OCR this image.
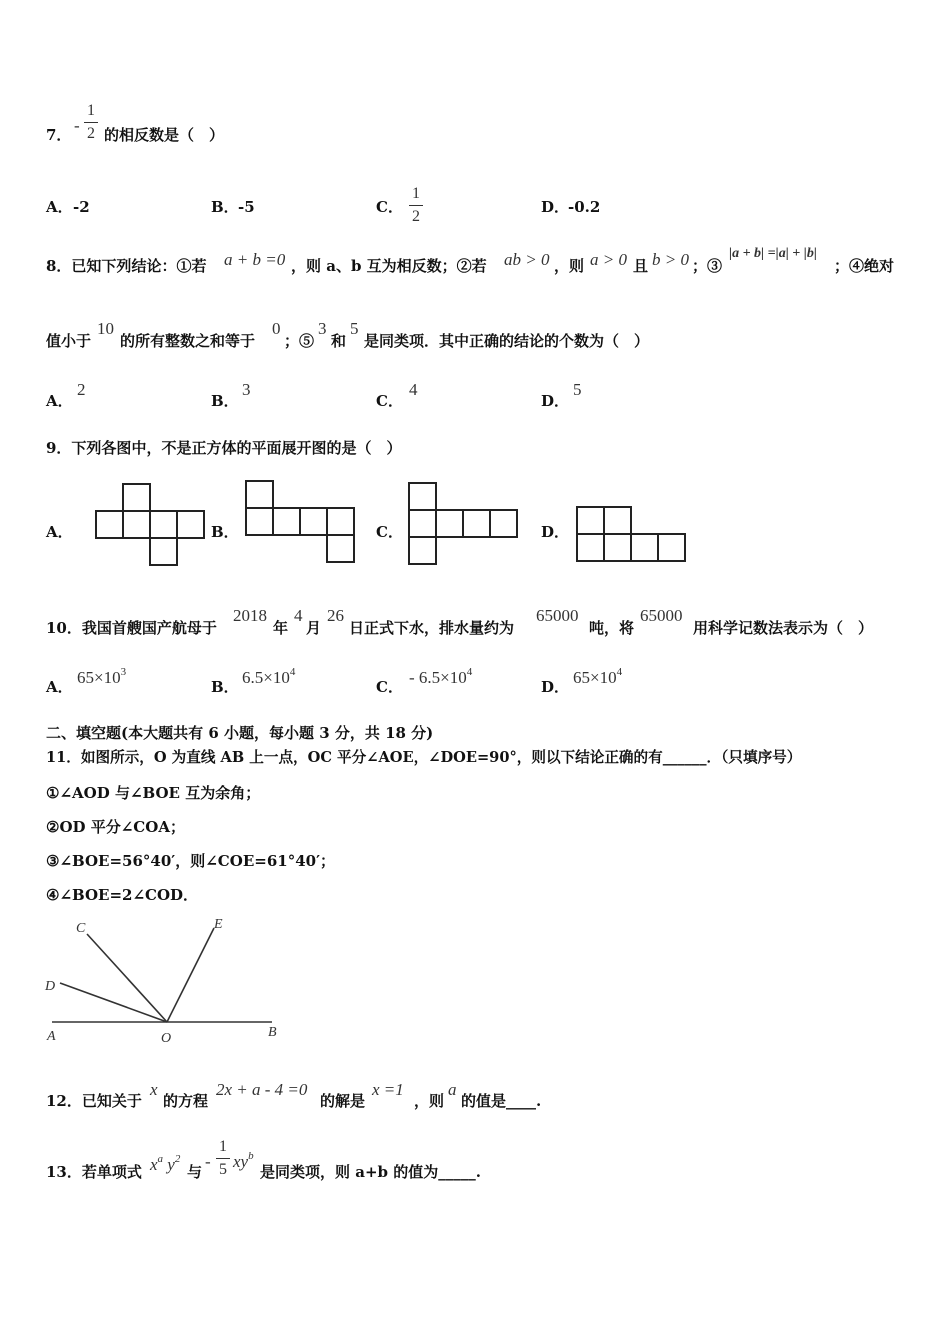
7． -
1
2 的相反数是（　）
A． -2	B． -5	C．
1
2
D．
-0.2
8．已知下列结论：①若 a + b =0 ，则 a、b 互为相反数；②若 ab > 0 ，则 a > 0 且 b > 0 ；③
|a + b| =|a| + |b|
；④绝对
值小于
10
的所有整数之和等于
0
；⑤
3
和
5
是同类项．其中正确的结论的个数为（　）
A．
2
B．
3
C．
4
D．
5
9．下列各图中，不是正方体的平面展开图的是（　）
A．	B．	C．	D．
10．我国首艘国产航母于
2018
年
4
月
26
日正式下水，排水量约为
65000
吨，将
65000
用科学记数法表示为（　）
A． $65\times 10^3$
B． $6.5\times 10^4$
C． - $6.5\times 10^4$
D． $65\times 10^4$
二、填空题(本大题共有 6 小题，每小题 3 分，共 18 分)
11．如图所示，O 为直线 AB 上一点，OC 平分∠AOE，∠DOE=90°，则以下结论正确的有______．（只填序号）
①∠AOD 与∠BOE 互为余角；
②OD 平分∠COA；
③∠BOE=56°40′，则∠COE=61°40′；
④∠BOE=2∠COD．
C
D
E
A	O	B
12．已知关于
x
的方程
2x + a - 4 =0
的解是
x =1
，则
a
的值是____.
13．若单项式 $x^a$ $y^2$
与
-
1
5 $xy^b$
是同类项，则 a+b 的值为_____.
